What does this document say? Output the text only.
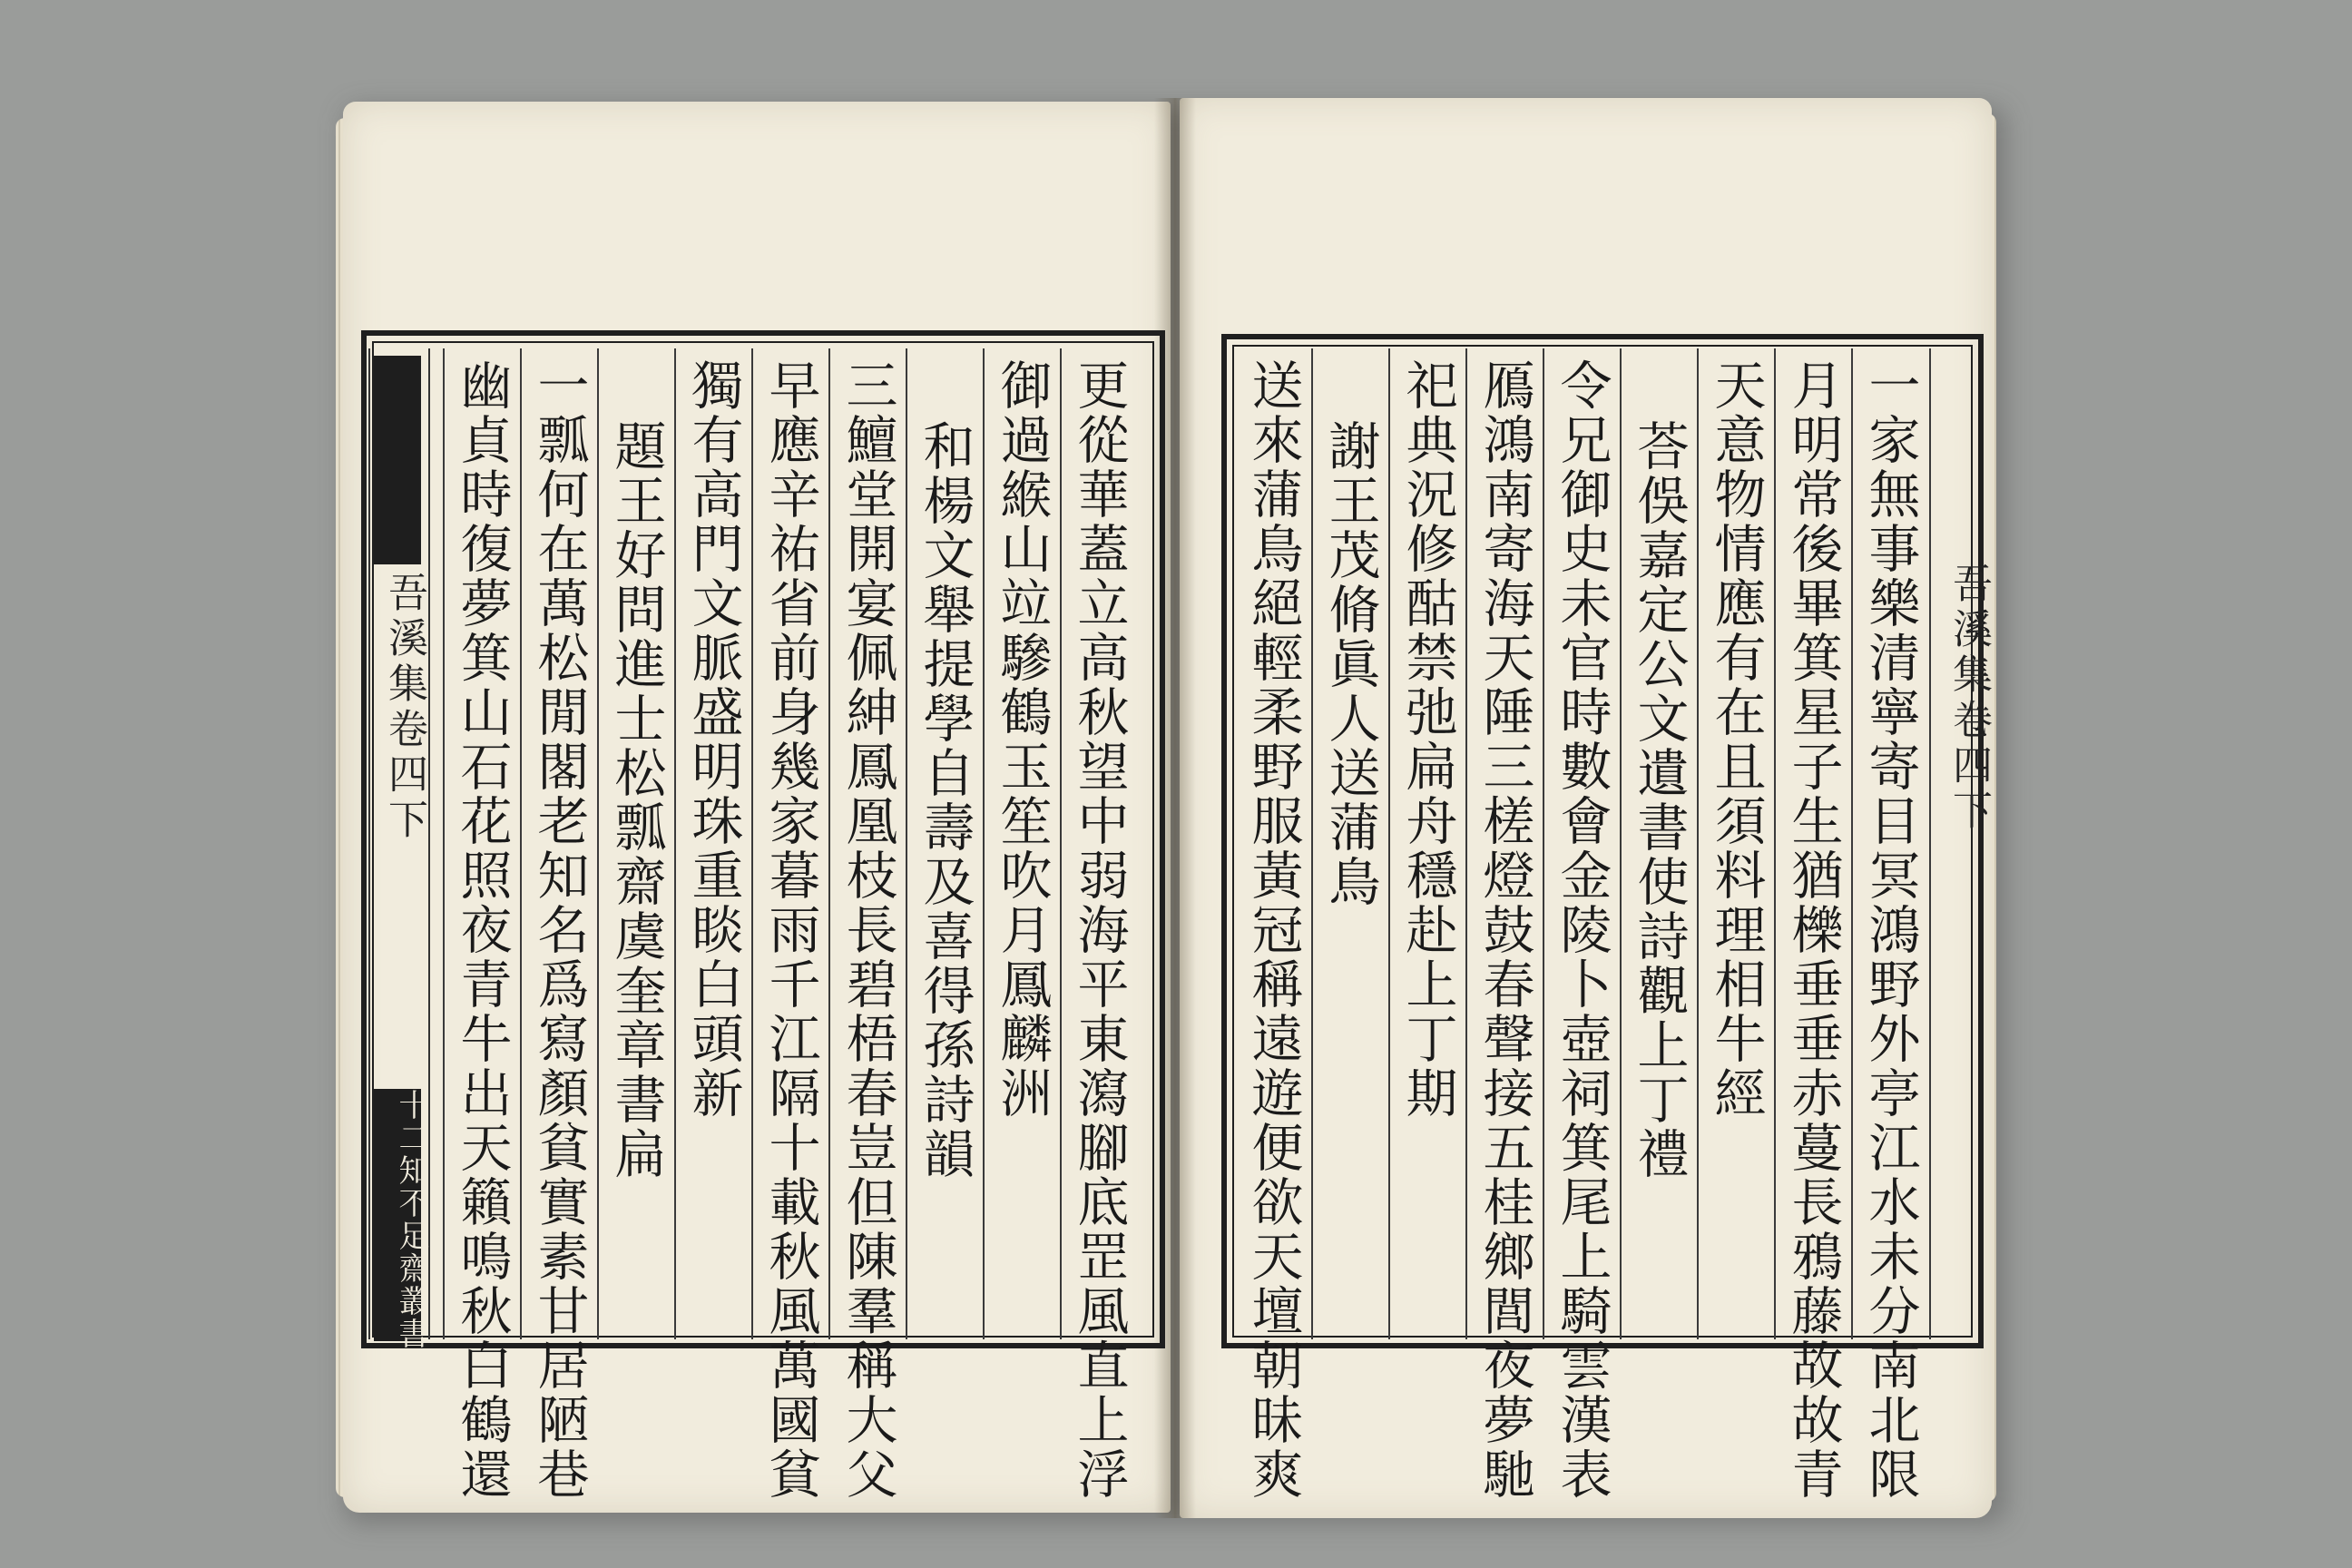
更從華蓋立高秋望中弱海平東瀉腳底罡風直上浮
御過緱山竝驂鶴玉笙吹月鳳麟洲
和楊文舉提學自壽及喜得孫詩韻
三鱣堂開宴佩紳鳳凰枝長碧梧春豈但陳羣稱大父
早應辛祐省前身幾家暮雨千江隔十載秋風萬國貧
獨有高門文脈盛明珠重睒白頭新
題王好問進士松瓢齋虞奎章書扁
一瓢何在萬松閒閣老知名爲寫顏貧實素甘居陋巷
幽貞時復夢箕山石花照夜青牛出天籟鳴秋白鶴還
吾溪集卷四下
十二知不足齋叢書	一家無事樂清寧寄目冥鴻野外亭江水未分南北限
月明常後畢箕星子生猶櫟垂垂赤蔓長鴉藤故故青
天意物情應有在且須料理相牛經
荅俁嘉定公文遺書使詩觀上丁禮
令兄御史未官時數會金陵卜壺祠箕尾上騎雲漢表
鴈鴻南寄海天陲三槎燈鼓春聲接五桂鄉閭夜夢馳
祀典況修酤禁弛扁舟穩赴上丁期
謝王茂脩眞人送蒲鳥
送來蒲鳥絕輕柔野服黃冠稱遠遊便欲天壇朝昧爽	吾溪集卷四下
